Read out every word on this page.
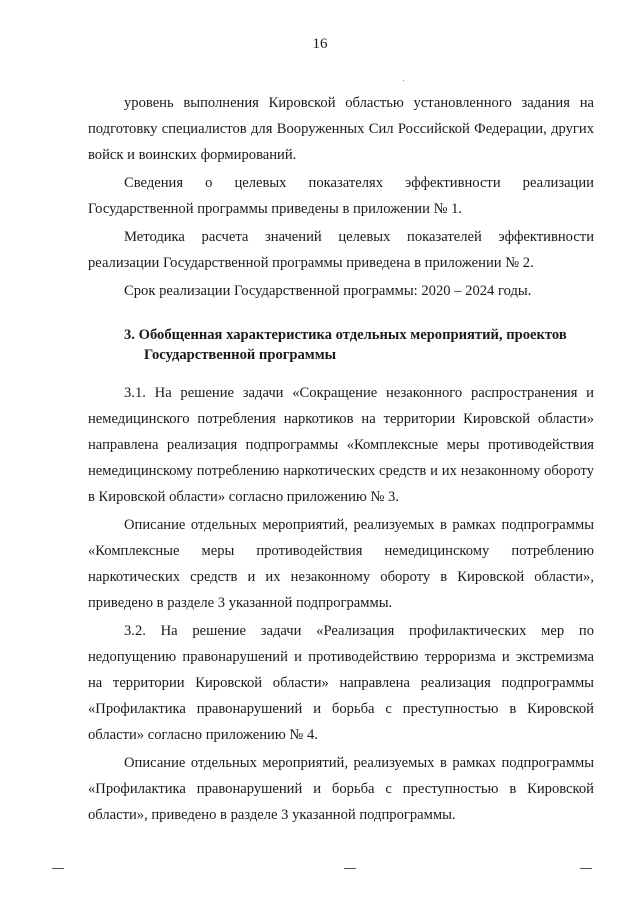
16

уровень выполнения Кировской областью установленного задания на подготовку специалистов для Вооруженных Сил Российской Федерации, других войск и воинских формирований.

Сведения о целевых показателях эффективности реализации Государственной программы приведены в приложении № 1.

Методика расчета значений целевых показателей эффективности реализации Государственной программы приведена в приложении № 2.

Срок реализации Государственной программы: 2020 – 2024 годы.

3. Обобщенная характеристика отдельных мероприятий, проектов
Государственной программы

3.1. На решение задачи «Сокращение незаконного распространения и немедицинского потребления наркотиков на территории Кировской области» направлена реализация подпрограммы «Комплексные меры противодействия немедицинскому потреблению наркотических средств и их незаконному обороту в Кировской области» согласно приложению № 3.

Описание отдельных мероприятий, реализуемых в рамках подпрограммы «Комплексные меры противодействия немедицинскому потреблению наркотических средств и их незаконному обороту в Кировской области», приведено в разделе 3 указанной подпрограммы.

3.2. На решение задачи «Реализация профилактических мер по недопущению правонарушений и противодействию терроризма и экстремизма на территории Кировской области» направлена реализация подпрограммы «Профилактика правонарушений и борьба с преступностью в Кировской области» согласно приложению № 4.

Описание отдельных мероприятий, реализуемых в рамках подпрограммы «Профилактика правонарушений и борьба с преступностью в Кировской области», приведено в разделе 3 указанной подпрограммы.
